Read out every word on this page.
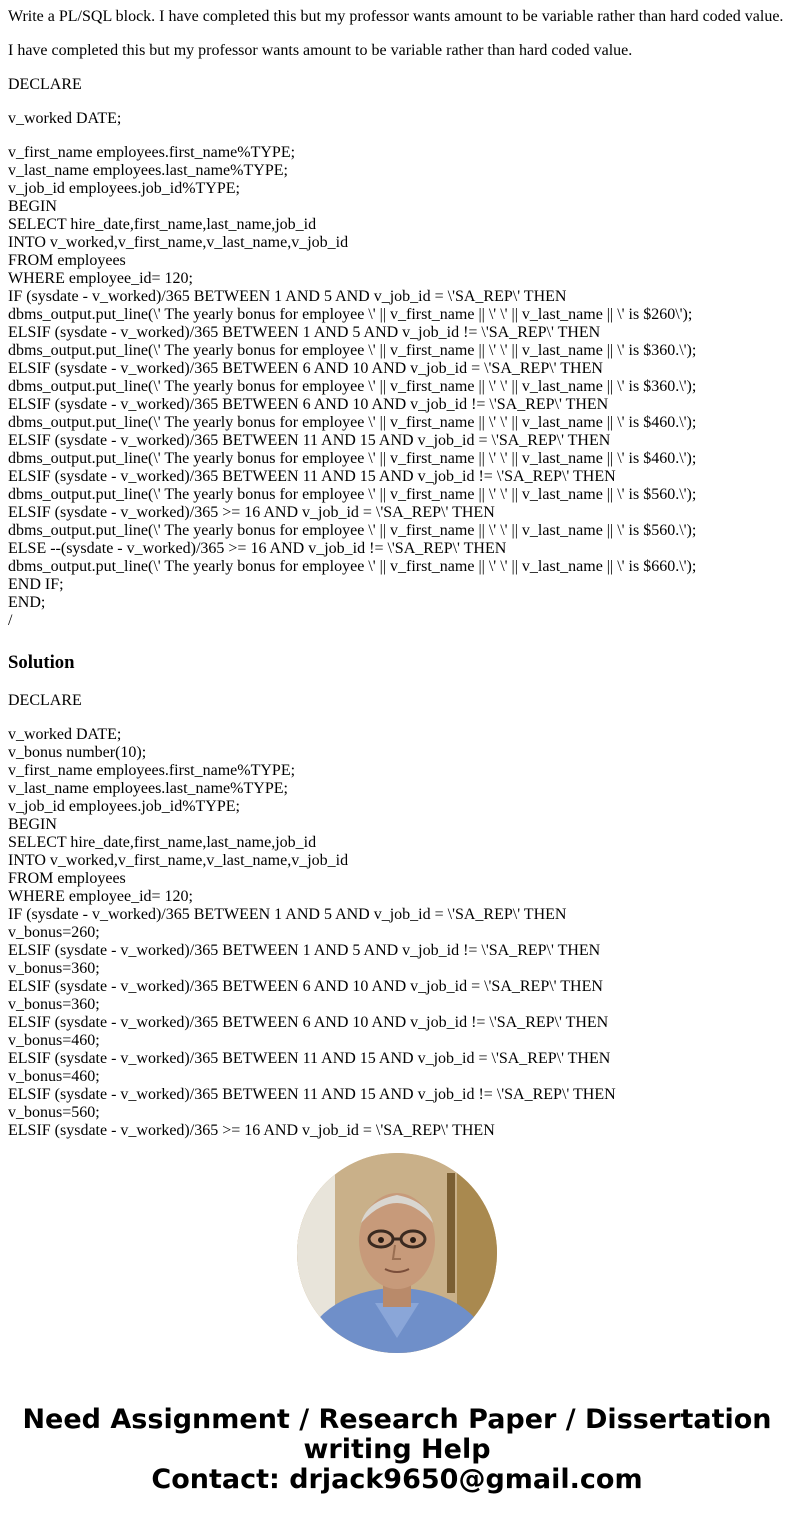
Write a PL/SQL block. I have completed this but my professor wants amount to be variable rather than hard coded value.
I have completed this but my professor wants amount to be variable rather than hard coded value.
DECLARE
v_worked DATE;
v_first_name employees.first_name%TYPE;
v_last_name employees.last_name%TYPE;
v_job_id employees.job_id%TYPE;
BEGIN
SELECT hire_date,first_name,last_name,job_id
INTO v_worked,v_first_name,v_last_name,v_job_id
FROM employees
WHERE employee_id= 120;
IF (sysdate - v_worked)/365 BETWEEN 1 AND 5 AND v_job_id = \'SA_REP\' THEN
dbms_output.put_line(\' The yearly bonus for employee \' || v_first_name || \' \' || v_last_name || \' is $260\');
ELSIF (sysdate - v_worked)/365 BETWEEN 1 AND 5 AND v_job_id != \'SA_REP\' THEN
dbms_output.put_line(\' The yearly bonus for employee \' || v_first_name || \' \' || v_last_name || \' is $360.\');
ELSIF (sysdate - v_worked)/365 BETWEEN 6 AND 10 AND v_job_id = \'SA_REP\' THEN
dbms_output.put_line(\' The yearly bonus for employee \' || v_first_name || \' \' || v_last_name || \' is $360.\');
ELSIF (sysdate - v_worked)/365 BETWEEN 6 AND 10 AND v_job_id != \'SA_REP\' THEN
dbms_output.put_line(\' The yearly bonus for employee \' || v_first_name || \' \' || v_last_name || \' is $460.\');
ELSIF (sysdate - v_worked)/365 BETWEEN 11 AND 15 AND v_job_id = \'SA_REP\' THEN
dbms_output.put_line(\' The yearly bonus for employee \' || v_first_name || \' \' || v_last_name || \' is $460.\');
ELSIF (sysdate - v_worked)/365 BETWEEN 11 AND 15 AND v_job_id != \'SA_REP\' THEN
dbms_output.put_line(\' The yearly bonus for employee \' || v_first_name || \' \' || v_last_name || \' is $560.\');
ELSIF (sysdate - v_worked)/365 >= 16 AND v_job_id = \'SA_REP\' THEN
dbms_output.put_line(\' The yearly bonus for employee \' || v_first_name || \' \' || v_last_name || \' is $560.\');
ELSE --(sysdate - v_worked)/365 >= 16 AND v_job_id != \'SA_REP\' THEN
dbms_output.put_line(\' The yearly bonus for employee \' || v_first_name || \' \' || v_last_name || \' is $660.\');
END IF;
END;
/
Solution
DECLARE
v_worked DATE;
v_bonus number(10);
v_first_name employees.first_name%TYPE;
v_last_name employees.last_name%TYPE;
v_job_id employees.job_id%TYPE;
BEGIN
SELECT hire_date,first_name,last_name,job_id
INTO v_worked,v_first_name,v_last_name,v_job_id
FROM employees
WHERE employee_id= 120;
IF (sysdate - v_worked)/365 BETWEEN 1 AND 5 AND v_job_id = \'SA_REP\' THEN
v_bonus=260;
ELSIF (sysdate - v_worked)/365 BETWEEN 1 AND 5 AND v_job_id != \'SA_REP\' THEN
v_bonus=360;
ELSIF (sysdate - v_worked)/365 BETWEEN 6 AND 10 AND v_job_id = \'SA_REP\' THEN
v_bonus=360;
ELSIF (sysdate - v_worked)/365 BETWEEN 6 AND 10 AND v_job_id != \'SA_REP\' THEN
v_bonus=460;
ELSIF (sysdate - v_worked)/365 BETWEEN 11 AND 15 AND v_job_id = \'SA_REP\' THEN
v_bonus=460;
ELSIF (sysdate - v_worked)/365 BETWEEN 11 AND 15 AND v_job_id != \'SA_REP\' THEN
v_bonus=560;
ELSIF (sysdate - v_worked)/365 >= 16 AND v_job_id = \'SA_REP\' THEN
Need Assignment / Research Paper / Dissertation
writing Help
Contact: drjack9650@gmail.com
